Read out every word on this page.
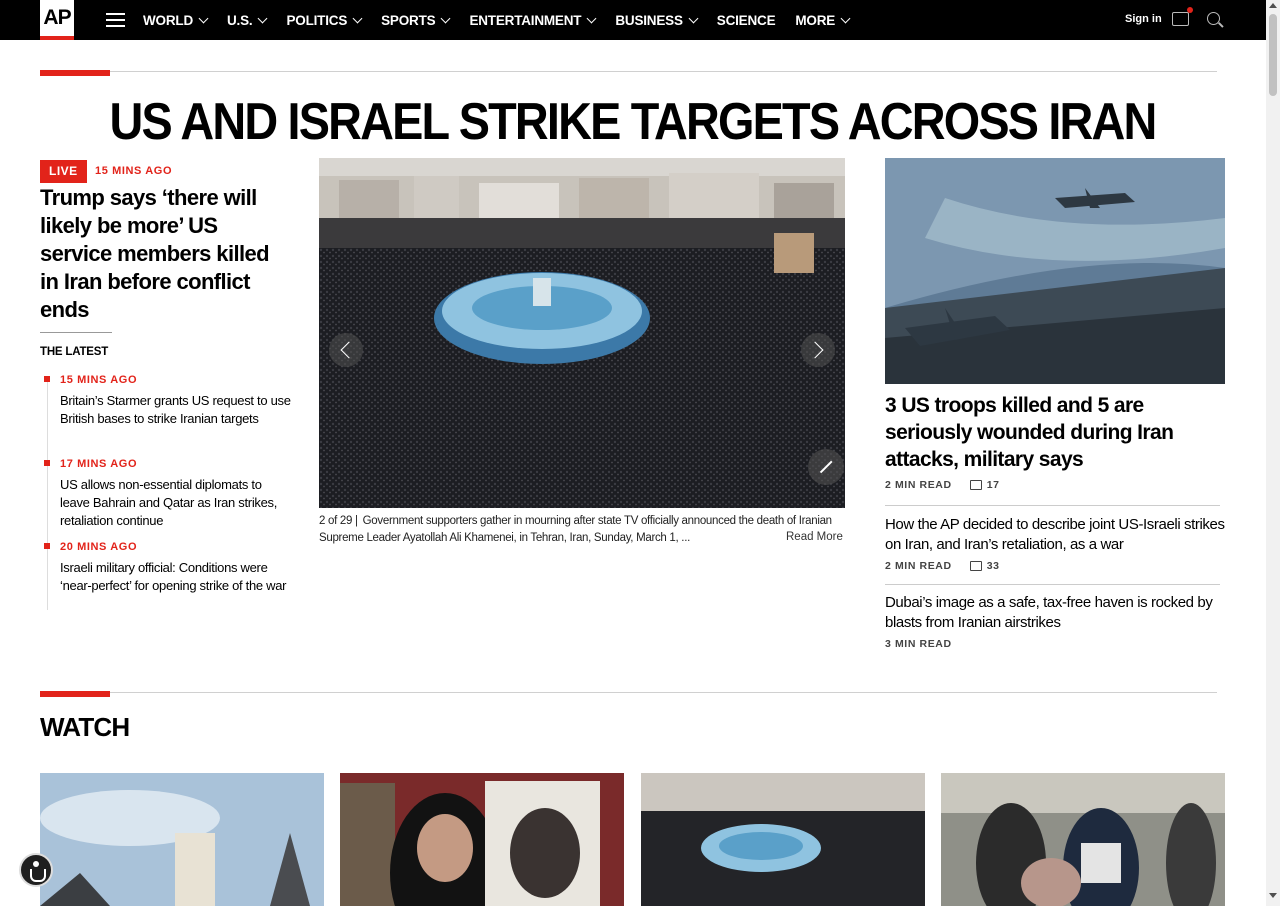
AP	WORLD	U.S.	POLITICS	SPORTS	ENTERTAINMENT	BUSINESS	SCIENCE MORE	Sign in
US AND ISRAEL STRIKE TARGETS ACROSS IRAN
LIVE	15 MINS AGO
Trump says ‘there will likely be more’ US service members killed in Iran before conflict ends
THE LATEST
15 MINS AGO
Britain’s Starmer grants US request to use British bases to strike Iranian targets
17 MINS AGO
US allows non-essential diplomats to leave Bahrain and Qatar as Iran strikes, retaliation continue
20 MINS AGO
Israeli military official: Conditions were ‘near-perfect’ for opening strike of the war
2 of 29 | Government supporters gather in mourning after state TV officially announced the death of Iranian Supreme Leader Ayatollah Ali Khamenei, in Tehran, Iran, Sunday, March 1, ...	Read More
3 US troops killed and 5 are seriously wounded during Iran attacks, military says
2 MIN READ	17
How the AP decided to describe joint US-Israeli strikes on Iran, and Iran’s retaliation, as a war
2 MIN READ	33
Dubai’s image as a safe, tax-free haven is rocked by blasts from Iranian airstrikes
3 MIN READ
WATCH
